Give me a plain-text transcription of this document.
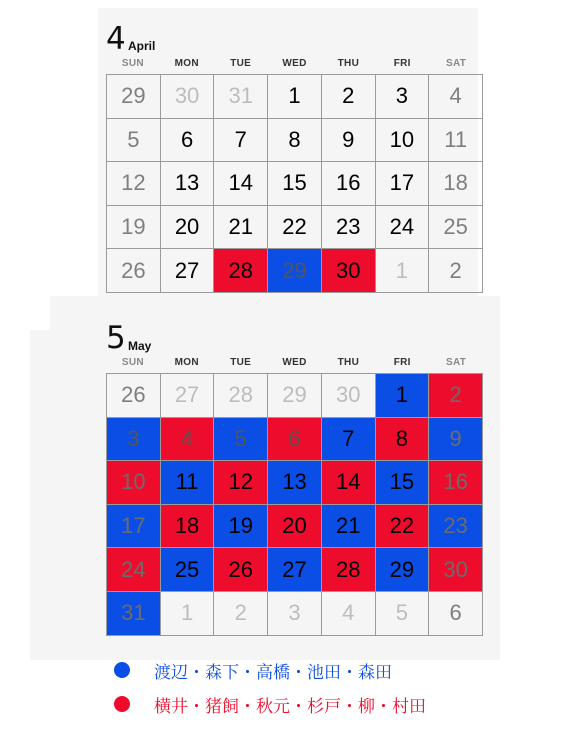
4 April
SUN	MON	TUE	WED	THU	FRI	SAT
29	30	31	1	2	3	4
5	6	7	8	9	10	11
12	13	14	15	16	17	18
19	20	21	22	23	24	25
26	27	28	29	30	1	2
5 May
SUN	MON	TUE	WED	THU	FRI	SAT
26	27	28	29	30	1	2
3	4	5	6	7	8	9
10	11	12	13	14	15	16
17	18	19	20	21	22	23
24	25	26	27	28	29	30
31	1	2	3	4	5	6
渡辺・森下・高橋・池田・森田
横井・猪飼・秋元・杉戸・柳・村田
